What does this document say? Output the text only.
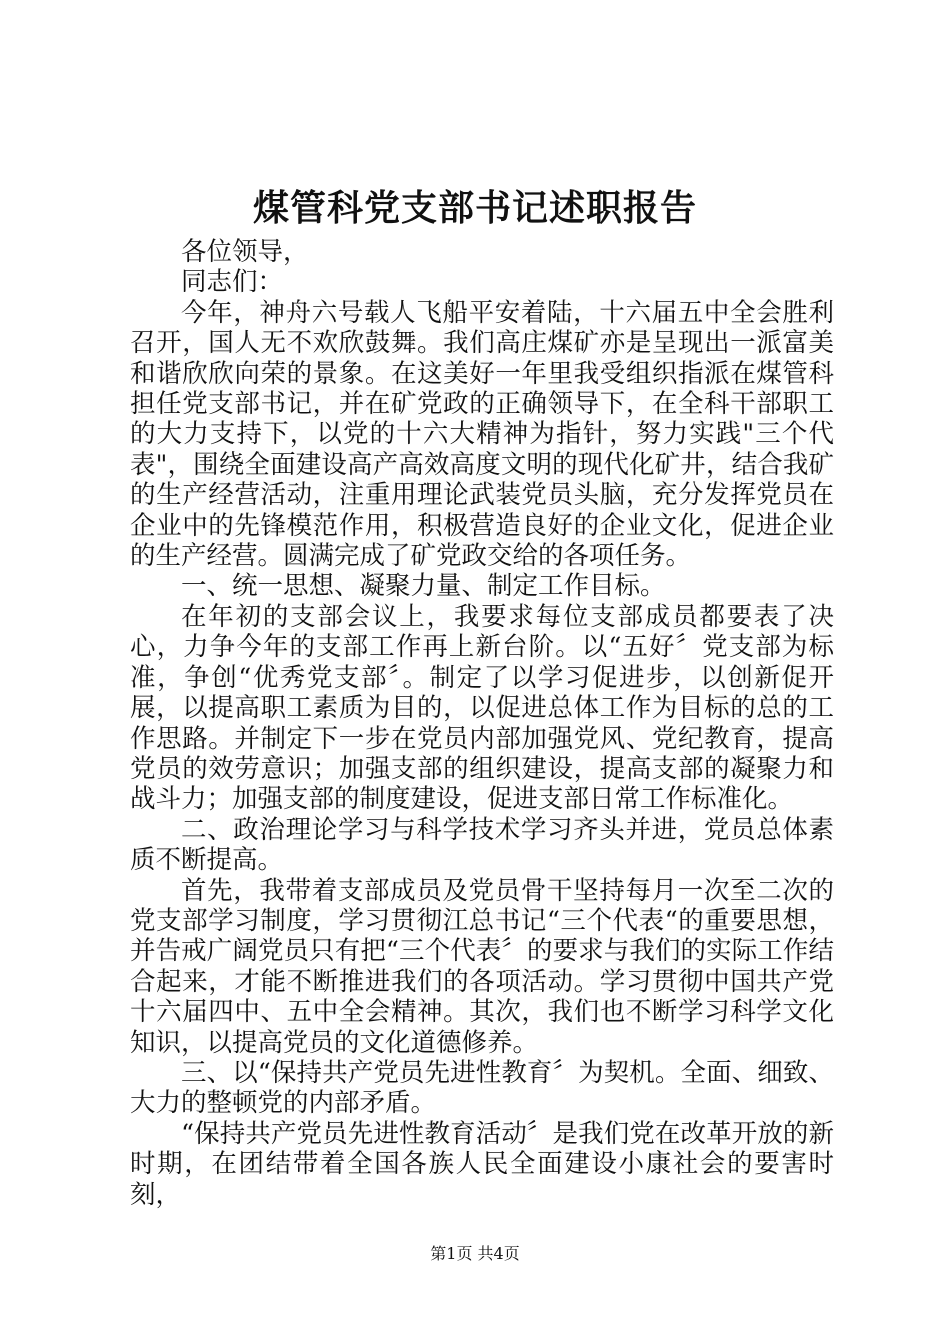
煤管科党支部书记述职报告

各位领导，

同志们：

今年，神舟六号载人飞船平安着陆，十六届五中全会胜利召开，国人无不欢欣鼓舞。我们高庄煤矿亦是呈现出一派富美和谐欣欣向荣的景象。在这美好一年里我受组织指派在煤管科担任党支部书记，并在矿党政的正确领导下，在全科干部职工的大力支持下，以党的十六大精神为指针，努力实践"三个代表"，围绕全面建设高产高效高度文明的现代化矿井，结合我矿的生产经营活动，注重用理论武装党员头脑，充分发挥党员在企业中的先锋模范作用，积极营造良好的企业文化，促进企业的生产经营。圆满完成了矿党政交给的各项任务。

一、统一思想、凝聚力量、制定工作目标。

在年初的支部会议上，我要求每位支部成员都要表了决心，力争今年的支部工作再上新台阶。以“五好〞党支部为标准，争创“优秀党支部〞。制定了以学习促进步，以创新促开展，以提高职工素质为目的，以促进总体工作为目标的总的工作思路。并制定下一步在党员内部加强党风、党纪教育，提高党员的效劳意识；加强支部的组织建设，提高支部的凝聚力和战斗力；加强支部的制度建设，促进支部日常工作标准化。

二、政治理论学习与科学技术学习齐头并进，党员总体素质不断提高。

首先，我带着支部成员及党员骨干坚持每月一次至二次的党支部学习制度，学习贯彻江总书记“三个代表“的重要思想，并告戒广阔党员只有把“三个代表〞的要求与我们的实际工作结合起来，才能不断推进我们的各项活动。学习贯彻中国共产党十六届四中、五中全会精神。其次，我们也不断学习科学文化知识，以提高党员的文化道德修养。

三、以“保持共产党员先进性教育〞为契机。全面、细致、大力的整顿党的内部矛盾。

“保持共产党员先进性教育活动〞是我们党在改革开放的新时期，在团结带着全国各族人民全面建设小康社会的要害时刻，

第1页 共4页
